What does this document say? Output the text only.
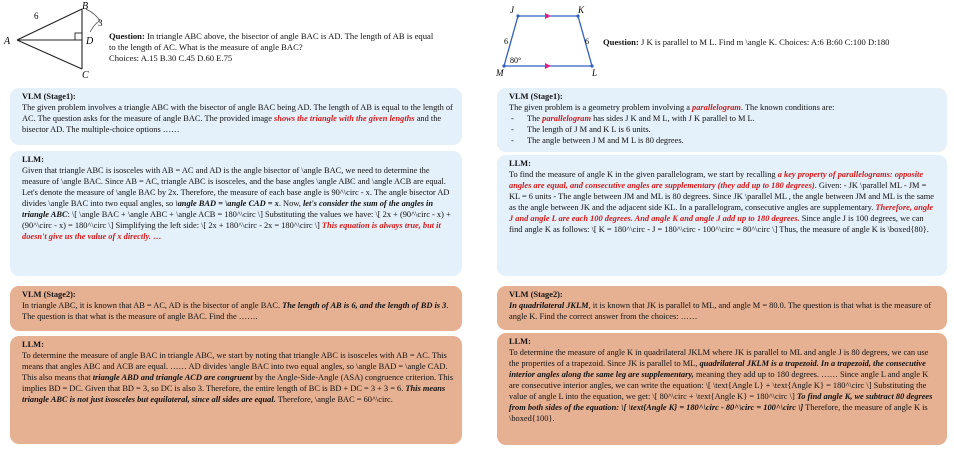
A
B
C
D
6
3
Question: In triangle ABC above, the bisector of angle BAC is AD. The length of AB is equal to the length of AC. What is the measure of angle BAC?
Choices: A.15 B.30 C.45 D.60 E.75
VLM (Stage1):
The given problem involves a triangle ABC with the bisector of angle BAC being AD. The length of AB is equal to the length of AC. The question asks for the measure of angle BAC. The provided image shows the triangle with the given lengths and the bisector AD. The multiple-choice options ……
LLM:
Given that triangle ABC is isosceles with AB = AC and AD is the angle bisector of \angle BAC, we need to determine the measure of \angle BAC. Since AB = AC, triangle ABC is isosceles, and the base angles \angle ABC and \angle ACB are equal. Let's denote the measure of \angle BAC by 2x. Therefore, the measure of each base angle is 90^\circ - x. The angle bisector AD divides \angle BAC into two equal angles, so \angle BAD = \angle CAD = x. Now, let's consider the sum of the angles in triangle ABC: \[ \angle BAC + \angle ABC + \angle ACB = 180^\circ \] Substituting the values we have: \[ 2x + (90^\circ - x) + (90^\circ - x) = 180^\circ \] Simplifying the left side: \[ 2x + 180^\circ - 2x = 180^\circ \] This equation is always true, but it doesn't give us the value of x directly. …
VLM (Stage2):
In triangle ABC, it is known that AB = AC, AD is the bisector of angle BAC. The length of AB is 6, and the length of BD is 3. The question is that what is the measure of angle BAC. Find the …….
LLM:
To determine the measure of angle BAC in triangle ABC, we start by noting that triangle ABC is isosceles with AB = AC. This means that angles ABC and ACB are equal. …… AD divides \angle BAC into two equal angles, so \angle BAD = \angle CAD. This also means that triangle ABD and triangle ACD are congruent by the Angle-Side-Angle (ASA) congruence criterion. This implies BD = DC. Given that BD = 3, so DC is also 3. Therefore, the entire length of BC is BD + DC = 3 + 3 = 6. This means triangle ABC is not just isosceles but equilateral, since all sides are equal. Therefore, \angle BAC = 60^\circ.
J	K
M	L
6	6
80°
Question: J K is parallel to M L. Find m \angle K. Choices: A:6 B:60 C:100 D:180
VLM (Stage1):
The given problem is a geometry problem involving a parallelogram. The known conditions are:
- The parallelogram has sides J K and M L, with J K parallel to M L.
- The length of J M and K L is 6 units.
- The angle between J M and M L is 80 degrees.
LLM:
To find the measure of angle K in the given parallelogram, we start by recalling a key property of parallelograms: opposite angles are equal, and consecutive angles are supplementary (they add up to 180 degrees). Given: - JK \parallel ML - JM = KL = 6 units - The angle between JM and ML is 80 degrees. Since JK \parallel ML , the angle between JM and ML is the same as the angle between JK and the adjacent side KL. In a parallelogram, consecutive angles are supplementary. Therefore, angle J and angle L are each 100 degrees. And angle K and angle J add up to 180 degrees. Since angle J is 100 degrees, we can find angle K as follows: \[ K = 180^\circ - J = 180^\circ - 100^\circ = 80^\circ \] Thus, the measure of angle K is \boxed{80}.
VLM (Stage2):
In quadrilateral JKLM, it is known that JK is parallel to ML, and angle M = 80.0. The question is that what is the measure of angle K. Find the correct answer from the choices: ……
LLM:
To determine the measure of angle K in quadrilateral JKLM where JK is parallel to ML and angle J is 80 degrees, we can use the properties of a trapezoid. Since JK is parallel to ML, quadrilateral JKLM is a trapezoid. In a trapezoid, the consecutive interior angles along the same leg are supplementary, meaning they add up to 180 degrees. …… Since angle L and angle K are consecutive interior angles, we can write the equation: \[ \text{Angle L} + \text{Angle K} = 180^\circ \] Substituting the value of angle L into the equation, we get: \[ 80^\circ + \text{Angle K} = 180^\circ \] To find angle K, we subtract 80 degrees from both sides of the equation: \[ \text{Angle K} = 180^\circ - 80^\circ = 100^\circ \] Therefore, the measure of angle K is \boxed{100}.
